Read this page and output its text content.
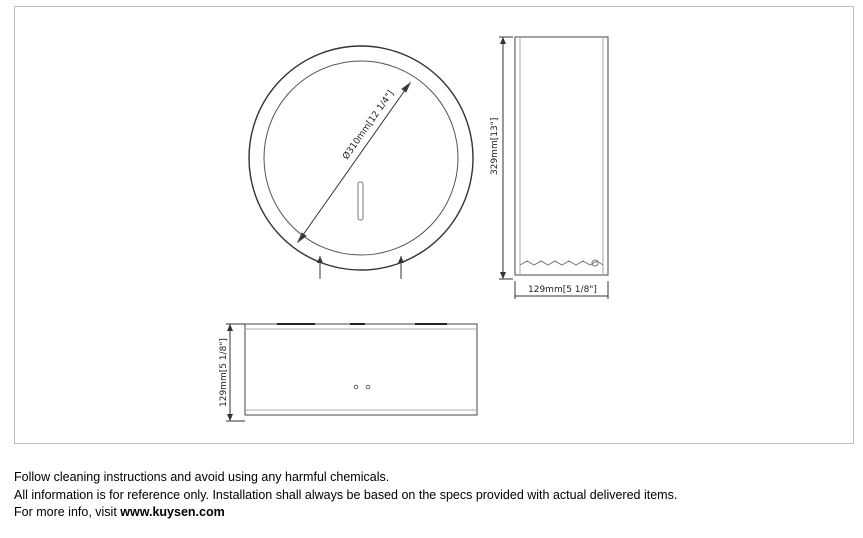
Ø310mm[12 1/4"]	329mm[13"]
129mm[5 1/8"]
129mm[5 1/8"]
Follow cleaning instructions and avoid using any harmful chemicals.
All information is for reference only. Installation shall always be based on the specs provided with actual delivered items.
For more info, visit www.kuysen.com
